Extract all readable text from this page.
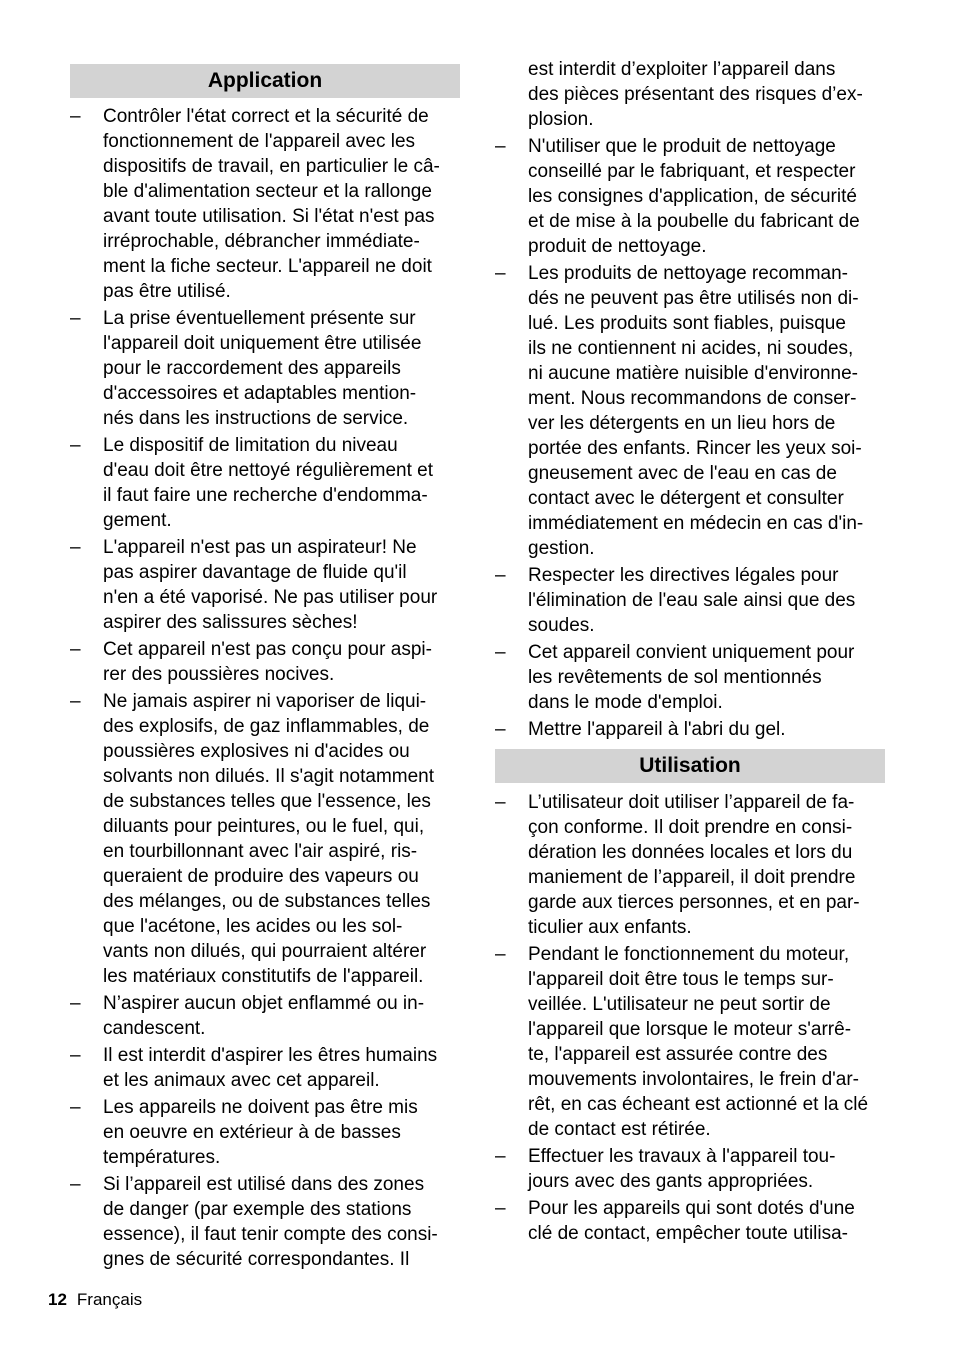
Application
– Contrôler l'état correct et la sécurité de
fonctionnement de l'appareil avec les
dispositifs de travail, en particulier le câ-
ble d'alimentation secteur et la rallonge
avant toute utilisation. Si l'état n'est pas
irréprochable, débrancher immédiate-
ment la fiche secteur. L'appareil ne doit
pas être utilisé.
– La prise éventuellement présente sur
l'appareil doit uniquement être utilisée
pour le raccordement des appareils
d'accessoires et adaptables mention-
nés dans les instructions de service.
– Le dispositif de limitation du niveau
d'eau doit être nettoyé régulièrement et
il faut faire une recherche d'endomma-
gement.
– L'appareil n'est pas un aspirateur! Ne
pas aspirer davantage de fluide qu'il
n'en a été vaporisé. Ne pas utiliser pour
aspirer des salissures sèches!
– Cet appareil n'est pas conçu pour aspi-
rer des poussières nocives.
– Ne jamais aspirer ni vaporiser de liqui-
des explosifs, de gaz inflammables, de
poussières explosives ni d'acides ou
solvants non dilués. Il s'agit notamment
de substances telles que l'essence, les
diluants pour peintures, ou le fuel, qui,
en tourbillonnant avec l'air aspiré, ris-
queraient de produire des vapeurs ou
des mélanges, ou de substances telles
que l'acétone, les acides ou les sol-
vants non dilués, qui pourraient altérer
les matériaux constitutifs de l'appareil.
– N’aspirer aucun objet enflammé ou in-
candescent.
– Il est interdit d'aspirer les êtres humains
et les animaux avec cet appareil.
– Les appareils ne doivent pas être mis
en oeuvre en extérieur à de basses
températures.
– Si l’appareil est utilisé dans des zones
de danger (par exemple des stations
essence), il faut tenir compte des consi-
gnes de sécurité correspondantes. Il
est interdit d’exploiter l’appareil dans
des pièces présentant des risques d’ex-
plosion.
– N'utiliser que le produit de nettoyage
conseillé par le fabriquant, et respecter
les consignes d'application, de sécurité
et de mise à la poubelle du fabricant de
produit de nettoyage.
– Les produits de nettoyage recomman-
dés ne peuvent pas être utilisés non di-
lué. Les produits sont fiables, puisque
ils ne contiennent ni acides, ni soudes,
ni aucune matière nuisible d'environne-
ment. Nous recommandons de conser-
ver les détergents en un lieu hors de
portée des enfants. Rincer les yeux soi-
gneusement avec de l'eau en cas de
contact avec le détergent et consulter
immédiatement en médecin en cas d'in-
gestion.
– Respecter les directives légales pour
l'élimination de l'eau sale ainsi que des
soudes.
– Cet appareil convient uniquement pour
les revêtements de sol mentionnés
dans le mode d'emploi.
– Mettre l'appareil à l'abri du gel.
Utilisation
– L’utilisateur doit utiliser l’appareil de fa-
çon conforme. Il doit prendre en consi-
dération les données locales et lors du
maniement de l’appareil, il doit prendre
garde aux tierces personnes, et en par-
ticulier aux enfants.
– Pendant le fonctionnement du moteur,
l'appareil doit être tous le temps sur-
veillée. L'utilisateur ne peut sortir de
l'appareil que lorsque le moteur s'arrê-
te, l'appareil est assurée contre des
mouvements involontaires, le frein d'ar-
rêt, en cas écheant est actionné et la clé
de contact est rétirée.
– Effectuer les travaux à l'appareil tou-
jours avec des gants appropriées.
– Pour les appareils qui sont dotés d'une
clé de contact, empêcher toute utilisa-
12 Français
